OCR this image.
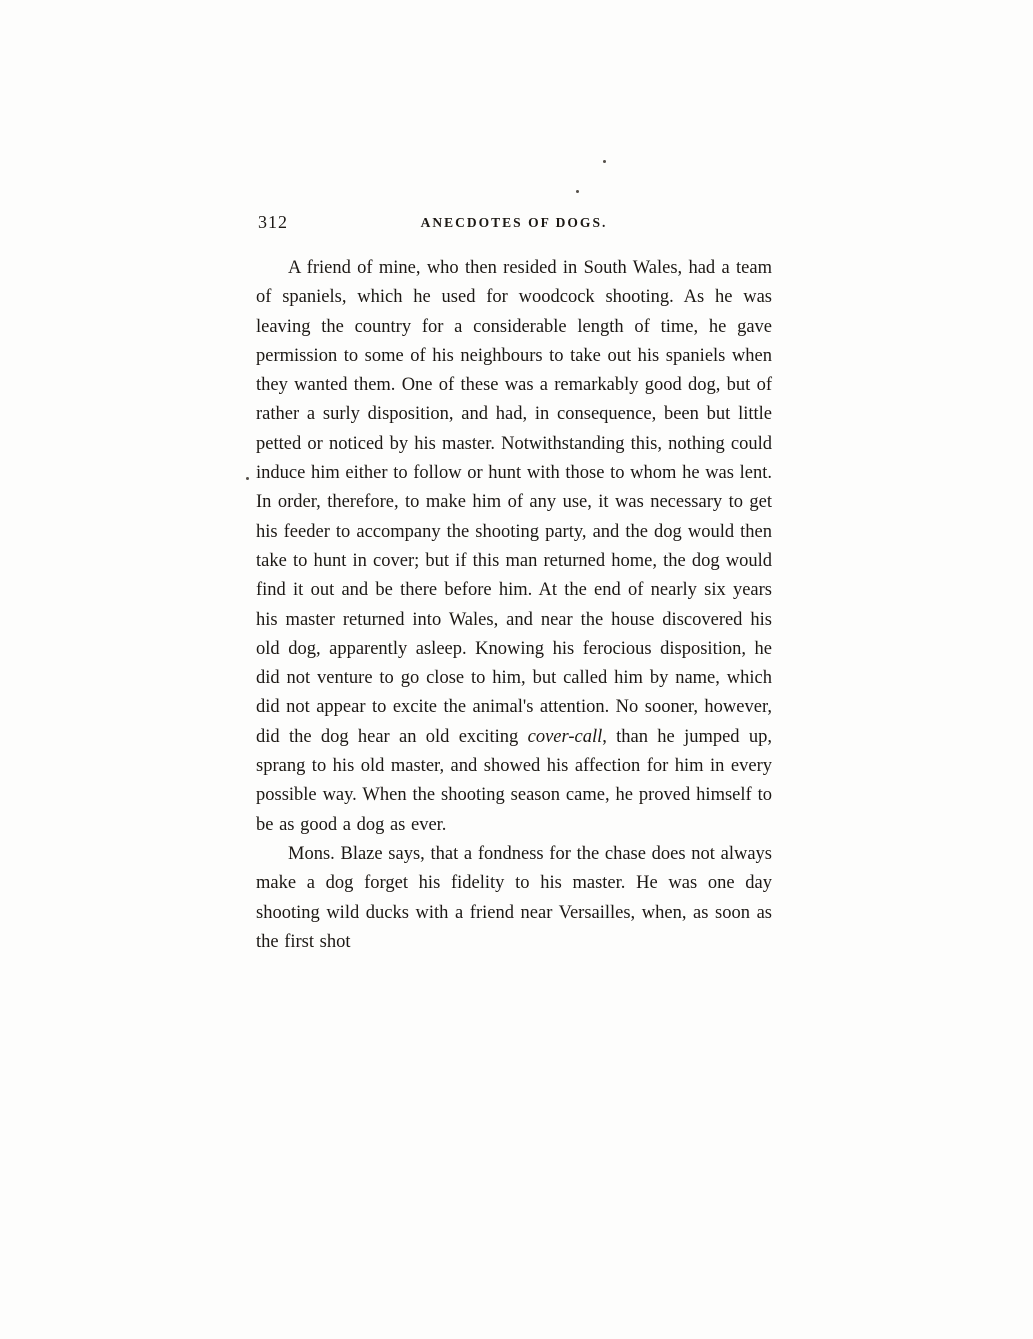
312	ANECDOTES OF DOGS.

A friend of mine, who then resided in South Wales, had a team of spaniels, which he used for woodcock shooting. As he was leaving the country for a considerable length of time, he gave permission to some of his neighbours to take out his spaniels when they wanted them. One of these was a remarkably good dog, but of rather a surly disposition, and had, in consequence, been but little petted or noticed by his master. Notwithstanding this, nothing could induce him either to follow or hunt with those to whom he was lent. In order, therefore, to make him of any use, it was necessary to get his feeder to accompany the shooting party, and the dog would then take to hunt in cover; but if this man returned home, the dog would find it out and be there before him. At the end of nearly six years his master returned into Wales, and near the house discovered his old dog, apparently asleep. Knowing his ferocious disposition, he did not venture to go close to him, but called him by name, which did not appear to excite the animal's attention. No sooner, however, did the dog hear an old exciting cover-call, than he jumped up, sprang to his old master, and showed his affection for him in every possible way. When the shooting season came, he proved himself to be as good a dog as ever.

Mons. Blaze says, that a fondness for the chase does not always make a dog forget his fidelity to his master. He was one day shooting wild ducks with a friend near Versailles, when, as soon as the first shot
